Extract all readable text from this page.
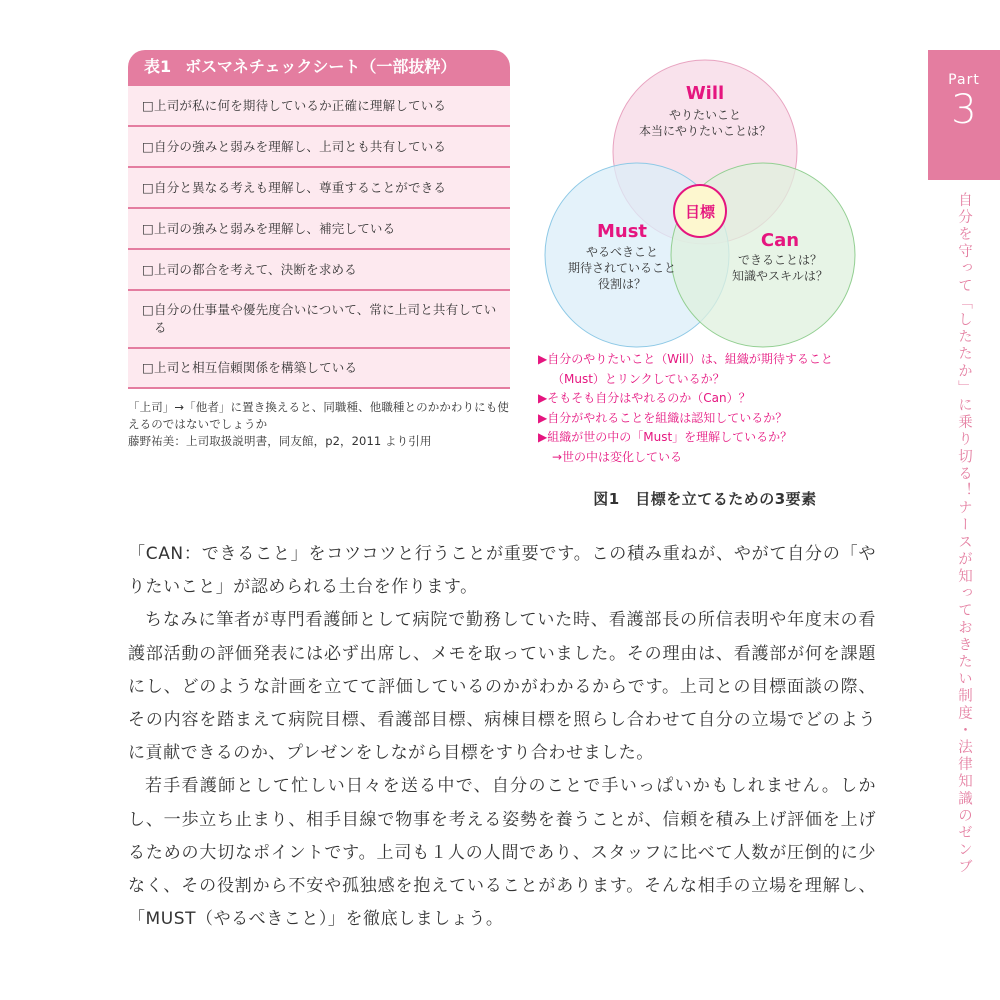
表1 ボスマネチェックシート（一部抜粋）
□上司が私に何を期待しているか正確に理解している
□自分の強みと弱みを理解し、上司とも共有している
□自分と異なる考えも理解し、尊重することができる
□上司の強みと弱みを理解し、補完している
□上司の都合を考えて、決断を求める
□自分の仕事量や優先度合いについて、常に上司と共有している
□上司と相互信頼関係を構築している
「上司」→「他者」に置き換えると、同職種、他職種とのかかわりにも使えるのではないでしょうか
藤野祐美：上司取扱説明書，同友館，p2，2011 より引用
Will
やりたいこと
本当にやりたいことは？
Must
やるべきこと
期待されていること
役割は？
Can
できることは？
知識やスキルは？
目標
▶自分のやりたいこと（Will）は、組織が期待すること
（Must）とリンクしているか？
▶そもそも自分はやれるのか（Can）？
▶自分がやれることを組織は認知しているか？
▶組織が世の中の「Must」を理解しているか？
→世の中は変化している
図1　目標を立てるための3要素

「CAN：できること」をコツコツと行うことが重要です。この積み重ねが、やがて自分の「やりたいこと」が認められる土台を作ります。

ちなみに筆者が専門看護師として病院で勤務していた時、看護部長の所信表明や年度末の看護部活動の評価発表には必ず出席し、メモを取っていました。その理由は、看護部が何を課題にし、どのような計画を立てて評価しているのかがわかるからです。上司との目標面談の際、その内容を踏まえて病院目標、看護部目標、病棟目標を照らし合わせて自分の立場でどのように貢献できるのか、プレゼンをしながら目標をすり合わせました。

若手看護師として忙しい日々を送る中で、自分のことで手いっぱいかもしれません。しかし、一歩立ち止まり、相手目線で物事を考える姿勢を養うことが、信頼を積み上げ評価を上げるための大切なポイントです。上司も１人の人間であり、スタッフに比べて人数が圧倒的に少なく、その役割から不安や孤独感を抱えていることがあります。そんな相手の立場を理解し、「MUST（やるべきこと）」を徹底しましょう。

Part
3
自分を守って「したたか」に乗り切る！ナースが知っておきたい制度・法律知識のゼンブ
